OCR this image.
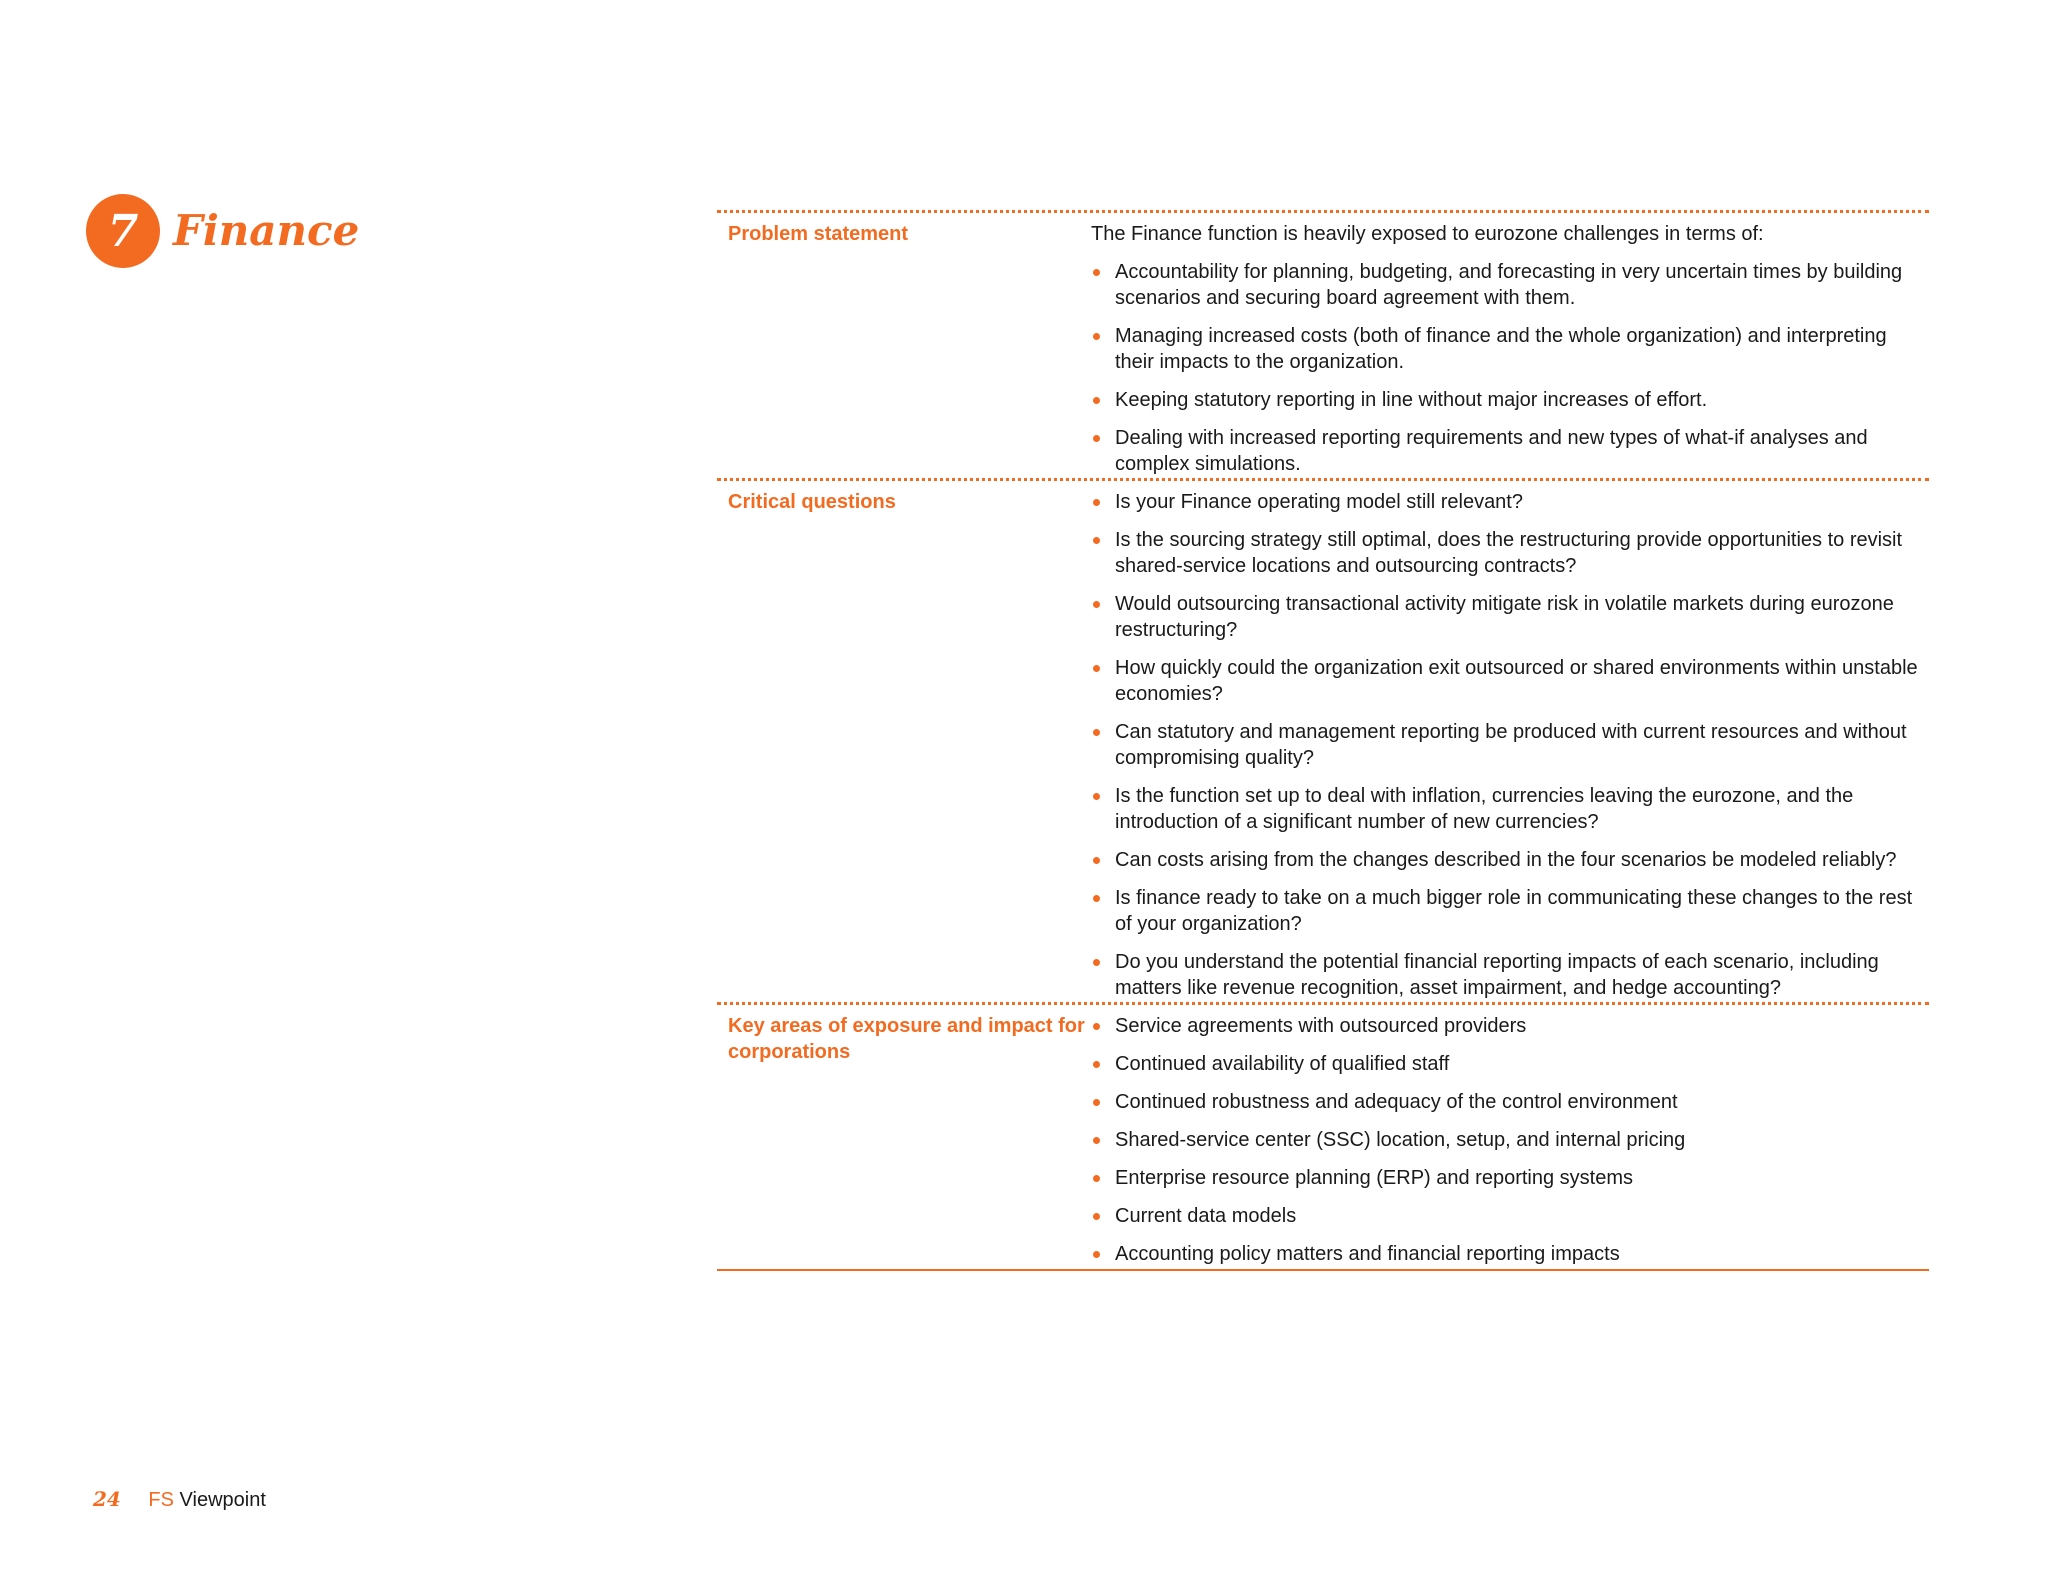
7 Finance	Problem statement	The Finance function is heavily exposed to eurozone challenges in terms of:

Accountability for planning, budgeting, and forecasting in very uncertain times by building scenarios and securing board agreement with them.
Managing increased costs (both of finance and the whole organization) and interpreting their impacts to the organization.
Keeping statutory reporting in line without major increases of effort.
Dealing with increased reporting requirements and new types of what-if analyses and complex simulations.
Critical questions	Is your Finance operating model still relevant?
Is the sourcing strategy still optimal, does the restructuring provide opportunities to revisit shared-service locations and outsourcing contracts?
Would outsourcing transactional activity mitigate risk in volatile markets during eurozone restructuring?
How quickly could the organization exit outsourced or shared environments within unstable economies?
Can statutory and management reporting be produced with current resources and without compromising quality?
Is the function set up to deal with inflation, currencies leaving the eurozone, and the introduction of a significant number of new currencies?
Can costs arising from the changes described in the four scenarios be modeled reliably?
Is finance ready to take on a much bigger role in communicating these changes to the rest of your organization?
Do you understand the potential financial reporting impacts of each scenario, including matters like revenue recognition, asset impairment, and hedge accounting?
Key areas of exposure and impact for corporations
Service agreements with outsourced providers
Continued availability of qualified staff
Continued robustness and adequacy of the control environment
Shared-service center (SSC) location, setup, and internal pricing
Enterprise resource planning (ERP) and reporting systems
Current data models
Accounting policy matters and financial reporting impacts
24 FS Viewpoint
